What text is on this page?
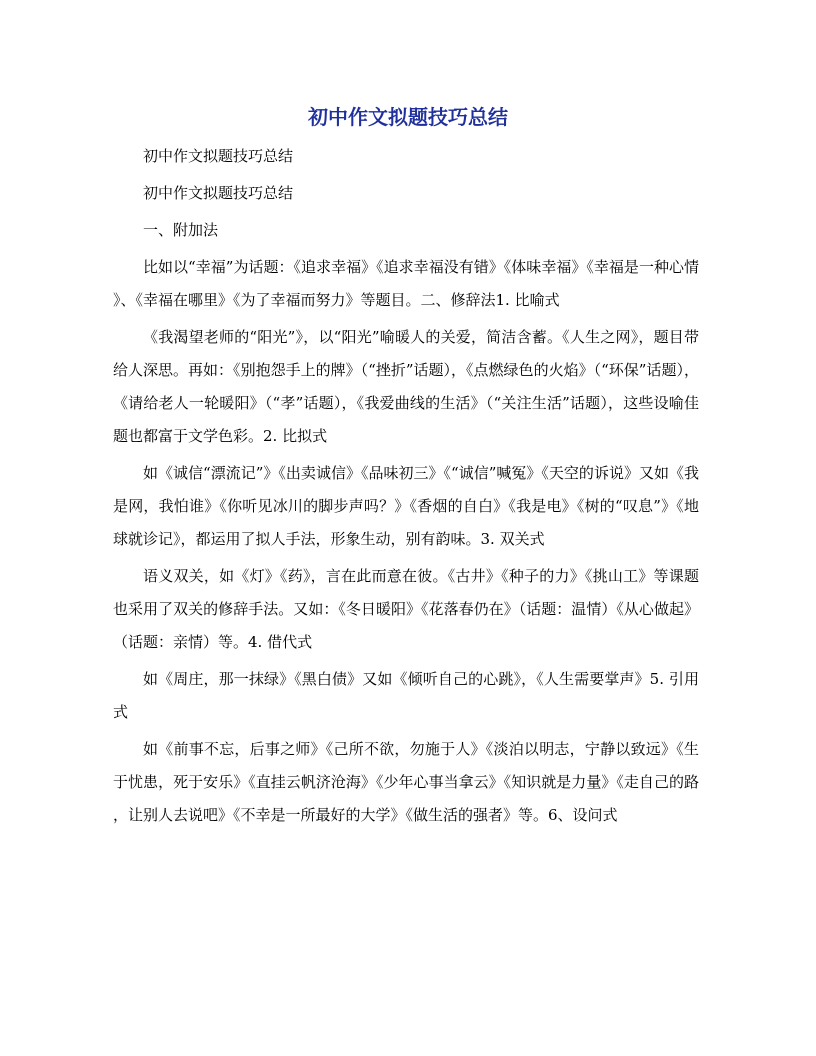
初中作文拟题技巧总结

初中作文拟题技巧总结

初中作文拟题技巧总结

一、附加法

比如以“幸福”为话题：《追求幸福》《追求幸福没有错》《体味幸福》《幸福是一种心情》、《幸福在哪里》《为了幸福而努力》等题目。二、修辞法1. 比喻式

《我渴望老师的“阳光”》，以“阳光”喻暖人的关爱，简洁含蓄。《人生之网》，题目带给人深思。再如：《别抱怨手上的牌》（“挫折”话题），《点燃绿色的火焰》（“环保”话题），《请给老人一轮暖阳》（“孝”话题），《我爱曲线的生活》（“关注生活”话题），这些设喻佳题也都富于文学色彩。2. 比拟式

如《诚信“漂流记”》《出卖诚信》《品味初三》《“诚信”喊冤》《天空的诉说》又如《我是网，我怕谁》《你听见冰川的脚步声吗？》《香烟的自白》《我是电》《树的“叹息”》《地球就诊记》，都运用了拟人手法，形象生动，别有韵味。3. 双关式

语义双关，如《灯》《药》，言在此而意在彼。《古井》《种子的力》《挑山工》等课题也采用了双关的修辞手法。又如：《冬日暖阳》《花落春仍在》（话题：温情）《从心做起》（话题：亲情）等。4. 借代式

如《周庄，那一抹绿》《黑白债》又如《倾听自己的心跳》，《人生需要掌声》5. 引用式

如《前事不忘，后事之师》《己所不欲，勿施于人》《淡泊以明志，宁静以致远》《生于忧患，死于安乐》《直挂云帆济沧海》《少年心事当拿云》《知识就是力量》《走自己的路，让别人去说吧》《不幸是一所最好的大学》《做生活的强者》等。6、设问式
